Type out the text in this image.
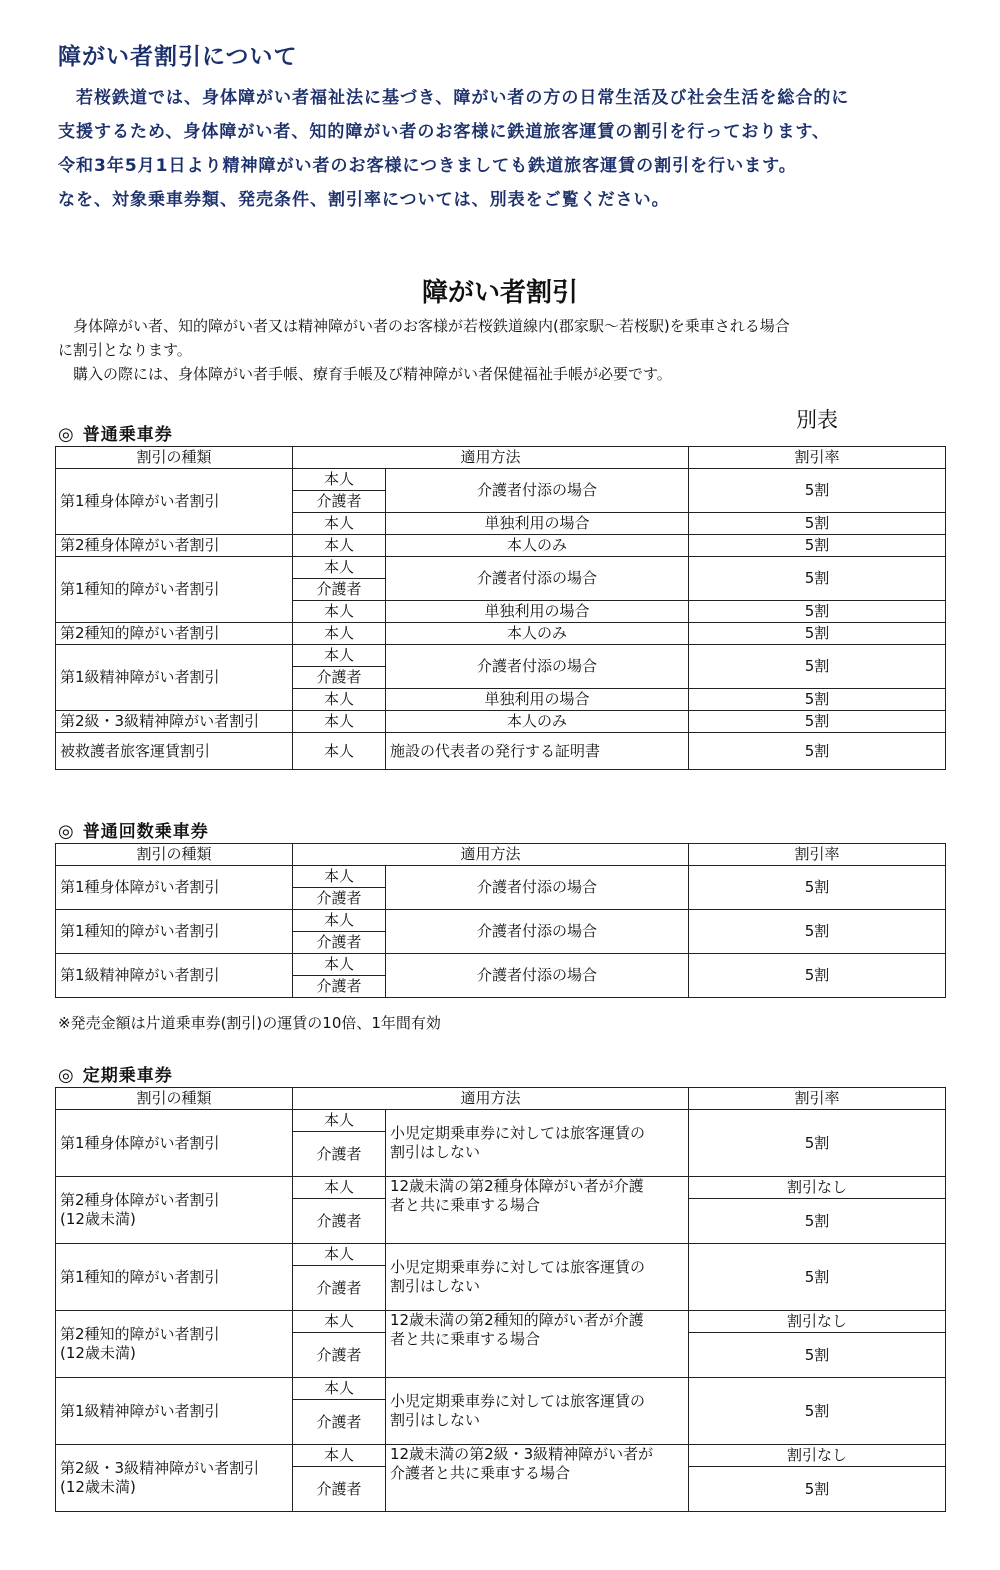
障がい者割引について

　若桜鉄道では、身体障がい者福祉法に基づき、障がい者の方の日常生活及び社会生活を総合的に

支援するため、身体障がい者、知的障がい者のお客様に鉄道旅客運賃の割引を行っております、

令和3年5月1日より精神障がい者のお客様につきましても鉄道旅客運賃の割引を行います。

なを、対象乗車券類、発売条件、割引率については、別表をご覧ください。

障がい者割引

　身体障がい者、知的障がい者又は精神障がい者のお客様が若桜鉄道線内(郡家駅～若桜駅)を乗車される場合

に割引となります。

　購入の際には、身体障がい者手帳、療育手帳及び精神障がい者保健福祉手帳が必要です。

別表
◎ 普通乗車券
割引の種類	適用方法		割引率
第1種身体障がい者割引	本人	介護者付添の場合	5割
	介護者		
	本人	単独利用の場合	5割
第2種身体障がい者割引	本人	本人のみ	5割
第1種知的障がい者割引	本人	介護者付添の場合	5割
	介護者		
	本人	単独利用の場合	5割
第2種知的障がい者割引	本人	本人のみ	5割
第1級精神障がい者割引	本人	介護者付添の場合	5割
	介護者		
	本人	単独利用の場合	5割
第2級・3級精神障がい者割引	本人	本人のみ	5割
被救護者旅客運賃割引	本人	施設の代表者の発行する証明書	5割
◎ 普通回数乗車券
割引の種類	適用方法		割引率
第1種身体障がい者割引	本人	介護者付添の場合	5割
	介護者		
第1種知的障がい者割引	本人	介護者付添の場合	5割
	介護者		
第1級精神障がい者割引	本人	介護者付添の場合	5割
	介護者		
※発売金額は片道乗車券(割引)の運賃の10倍、1年間有効
◎ 定期乗車券
割引の種類	適用方法		割引率
第1種身体障がい者割引	本人	小児定期乗車券に対しては旅客運賃の
割引はしない	5割
	介護者		
第2種身体障がい者割引
(12歳未満)	本人	12歳未満の第2種身体障がい者が介護
者と共に乗車する場合	割引なし
	介護者		5割
第1種知的障がい者割引	本人	小児定期乗車券に対しては旅客運賃の
割引はしない	5割
	介護者		
第2種知的障がい者割引
(12歳未満)	本人	12歳未満の第2種知的障がい者が介護
者と共に乗車する場合	割引なし
	介護者		5割
第1級精神障がい者割引	本人	小児定期乗車券に対しては旅客運賃の
割引はしない	5割
	介護者		
第2級・3級精神障がい者割引
(12歳未満)	本人	12歳未満の第2級・3級精神障がい者が
介護者と共に乗車する場合	割引なし
	介護者		5割
